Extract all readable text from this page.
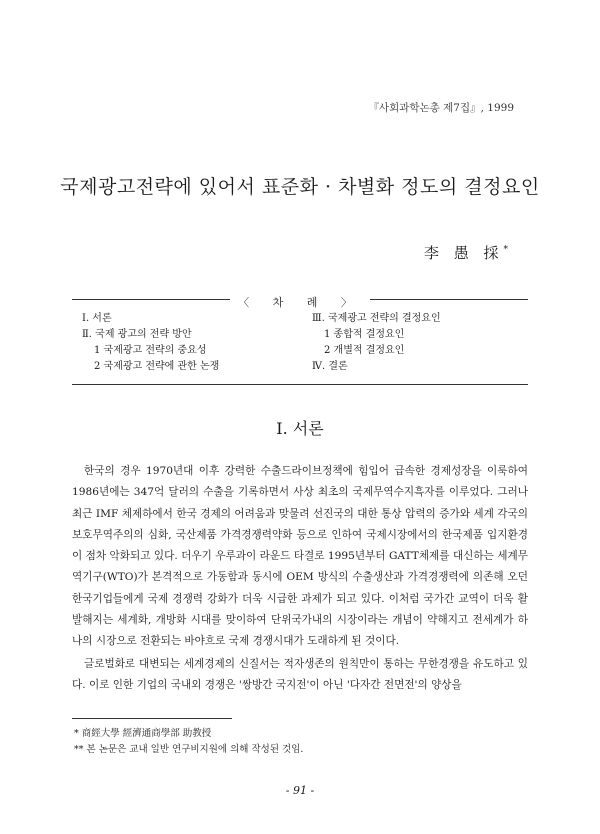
『사회과학논총 제7집』, 1999
국제광고전략에 있어서 표준화 · 차별화 정도의 결정요인
李 愚 採*
〈 차 례 〉
Ⅰ. 서론
Ⅱ. 국제 광고의 전략 방안
1 국제광고 전략의 중요성
2 국제광고 전략에 관한 논쟁
Ⅲ. 국제광고 전략의 결정요인
1 종합적 결정요인
2 개별적 결정요인
Ⅳ. 결론
Ⅰ. 서론

한국의 경우 1970년대 이후 강력한 수출드라이브정책에 힘입어 급속한 경제성장을 이룩하여 1986년에는 347억 달러의 수출을 기록하면서 사상 최초의 국제무역수지흑자를 이루었다. 그러나 최근 IMF 체제하에서 한국 경제의 어려움과 맞물려 선진국의 대한 통상 압력의 증가와 세계 각국의 보호무역주의의 심화, 국산제품 가격경쟁력약화 등으로 인하여 국제시장에서의 한국제품 입지환경이 점차 악화되고 있다. 더우기 우루과이 라운드 타결로 1995년부터 GATT체제를 대신하는 세계무역기구(WTO)가 본격적으로 가동함과 동시에 OEM 방식의 수출생산과 가격경쟁력에 의존해 오던 한국기업들에게 국제 경쟁력 강화가 더욱 시급한 과제가 되고 있다. 이처럼 국가간 교역이 더욱 활발해지는 세계화, 개방화 시대를 맞이하여 단위국가내의 시장이라는 개념이 약해지고 전세계가 하나의 시장으로 전환되는 바야흐로 국제 경쟁시대가 도래하게 된 것이다.

글로벌화로 대변되는 세계경제의 신질서는 적자생존의 원칙만이 통하는 무한경쟁을 유도하고 있다. 이로 인한 기업의 국내외 경쟁은 '쌍방간 국지전'이 아닌 '다자간 전면전'의 양상을

* 商經大學 經濟通商學部 助教授
** 본 논문은 교내 일반 연구비지원에 의해 작성된 것임.
- 91 -
